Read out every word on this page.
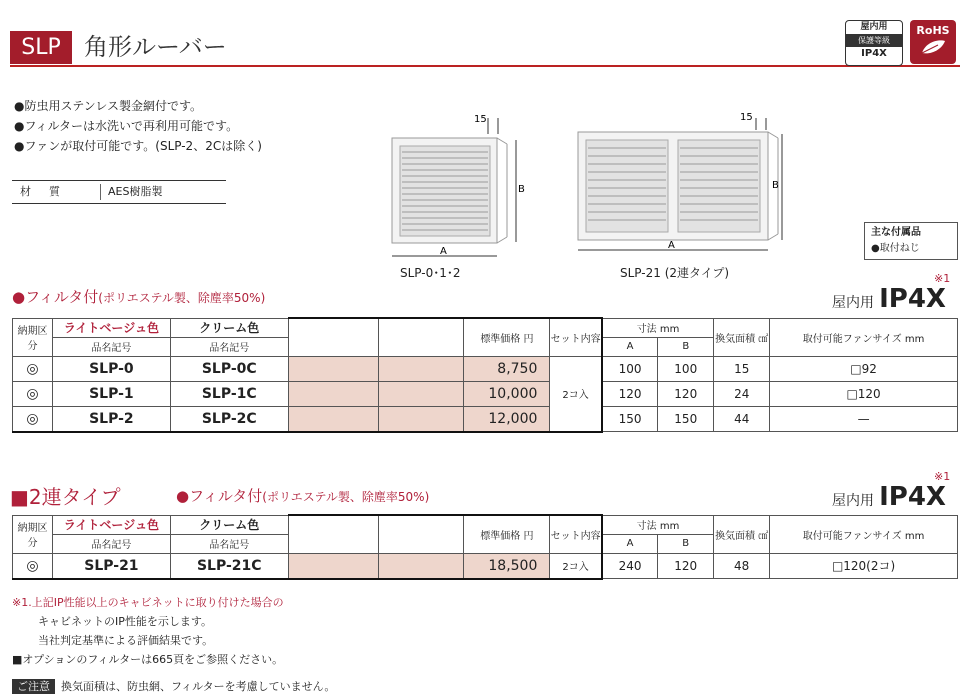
SLP 角形ルーバー
屋内用
保護等級
IP4X
RoHS
●防虫用ステンレス製金網付です。
●フィルターは水洗いで再利用可能です。
●ファンが取付可能です。(SLP-2、2Cは除く)
材質	AES樹脂製
15
B
A
SLP-0･1･2
15
B
A
SLP-21 (2連タイプ)
主な付属品
●取付ねじ
●フィルタ付(ポリエステル製、除塵率50%)
※1
屋内用 IP4X
納期区分	ライトベージュ色	クリーム色			標準価格 円	セット内容	寸法 mm		換気面積 ㎠	取付可能ファンサイズ mm
	品名記号	品名記号					A	B		
◎	SLP-0	SLP-0C			8,750	2コ入	100	100	15	□92
◎	SLP-1	SLP-1C			10,000		120	120	24	□120
◎	SLP-2	SLP-2C			12,000		150	150	44	—
■2連タイプ	●フィルタ付(ポリエステル製、除塵率50%)
※1
屋内用 IP4X
納期区分	ライトベージュ色	クリーム色			標準価格 円	セット内容	寸法 mm		換気面積 ㎠	取付可能ファンサイズ mm
	品名記号	品名記号					A	B		
◎	SLP-21	SLP-21C			18,500	2コ入	240	120	48	□120(2コ)
※1.上記IP性能以上のキャビネットに取り付けた場合の
キャビネットのIP性能を示します。
当社判定基準による評価結果です。
■オプションのフィルターは665頁をご参照ください。
ご注意 換気面積は、防虫網、フィルターを考慮していません。
